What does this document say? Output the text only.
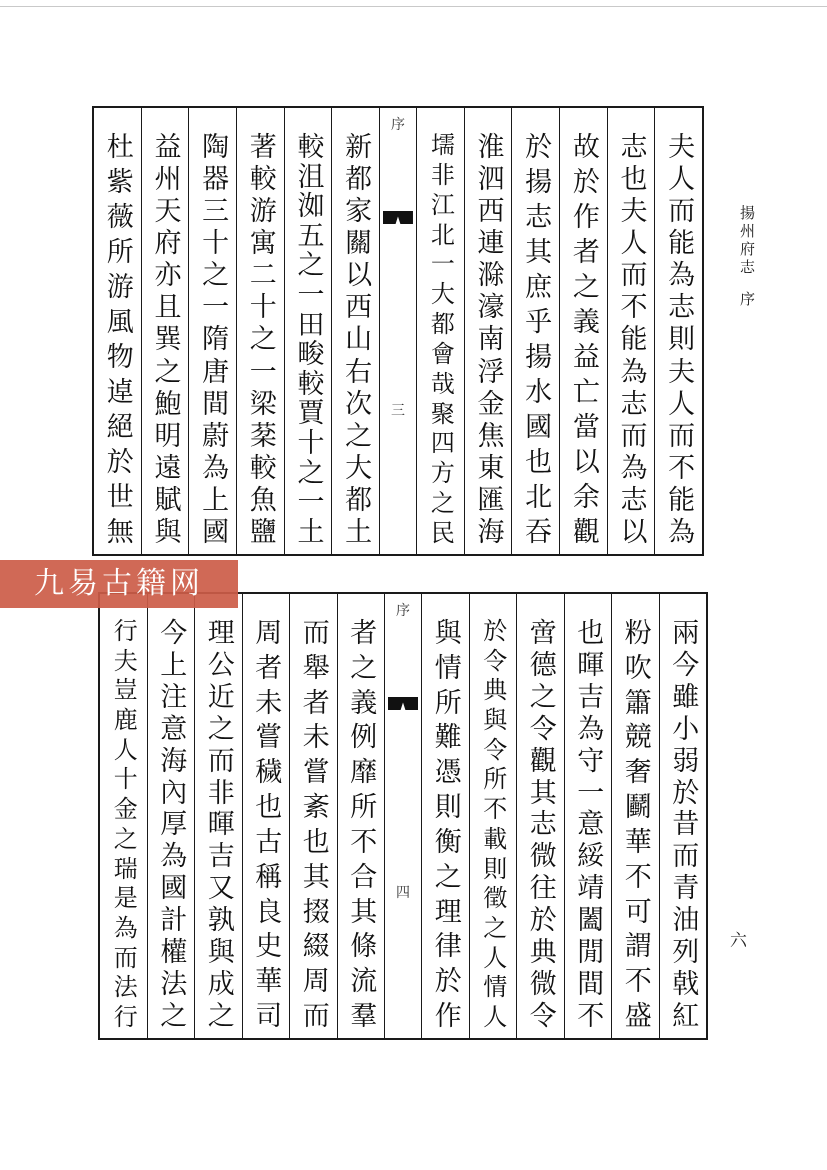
揚州府志序
夫
人
而
能
為
志
則
夫
人
而
不
能
為
志
也
夫
人
而
不
能
為
志
而
為
志
以
故
於
作
者
之
義
益
亡
當
以
余
觀
於
揚
志
其
庶
乎
揚
水
國
也
北
吞
淮
泗
西
連
滁
濠
南
浮
金
焦
東
匯
海
壖
非
江
北
一
大
都
會
哉
聚
四
方
之
民
序
三
新
都
家
關
以
西
山
右
次
之
大
都
土
較
沮
洳
五
之
一
田
畯
較
賈
十
之
一
土
著
較
游
寓
二
十
之
一
梁
棻
較
魚
鹽
陶
器
三
十
之
一
隋
唐
間
蔚
為
上
國
益
州
天
府
亦
且
巽
之
鮑
明
遠
賦
與
杜
紫
薇
所
游
風
物
逴
絕
於
世
無
兩
今
雖
小
弱
於
昔
而
青
油
列
戟
紅
粉
吹
簫
競
奢
鬬
華
不
可
謂
不
盛
也
暉
吉
為
守
一
意
綏
靖
闔
閒
間
不
啻
德
之
令
觀
其
志
微
往
於
典
微
令
於
令
典
與
令
所
不
載
則
徵
之
人
情
人
與
情
所
難
憑
則
衡
之
理
律
於
作
序
四
者
之
義
例
靡
所
不
合
其
條
流
羣
而
舉
者
未
嘗
紊
也
其
掇
綴
周
而
周
者
未
嘗
穢
也
古
稱
良
史
華
司
理
公
近
之
而
非
暉
吉
又
孰
與
成
之
今
上
注
意
海
內
厚
為
國
計
權
法
之
行
夫
豈
鹿
人
十
金
之
瑞
是
為
而
法
行
六
九易古籍网
